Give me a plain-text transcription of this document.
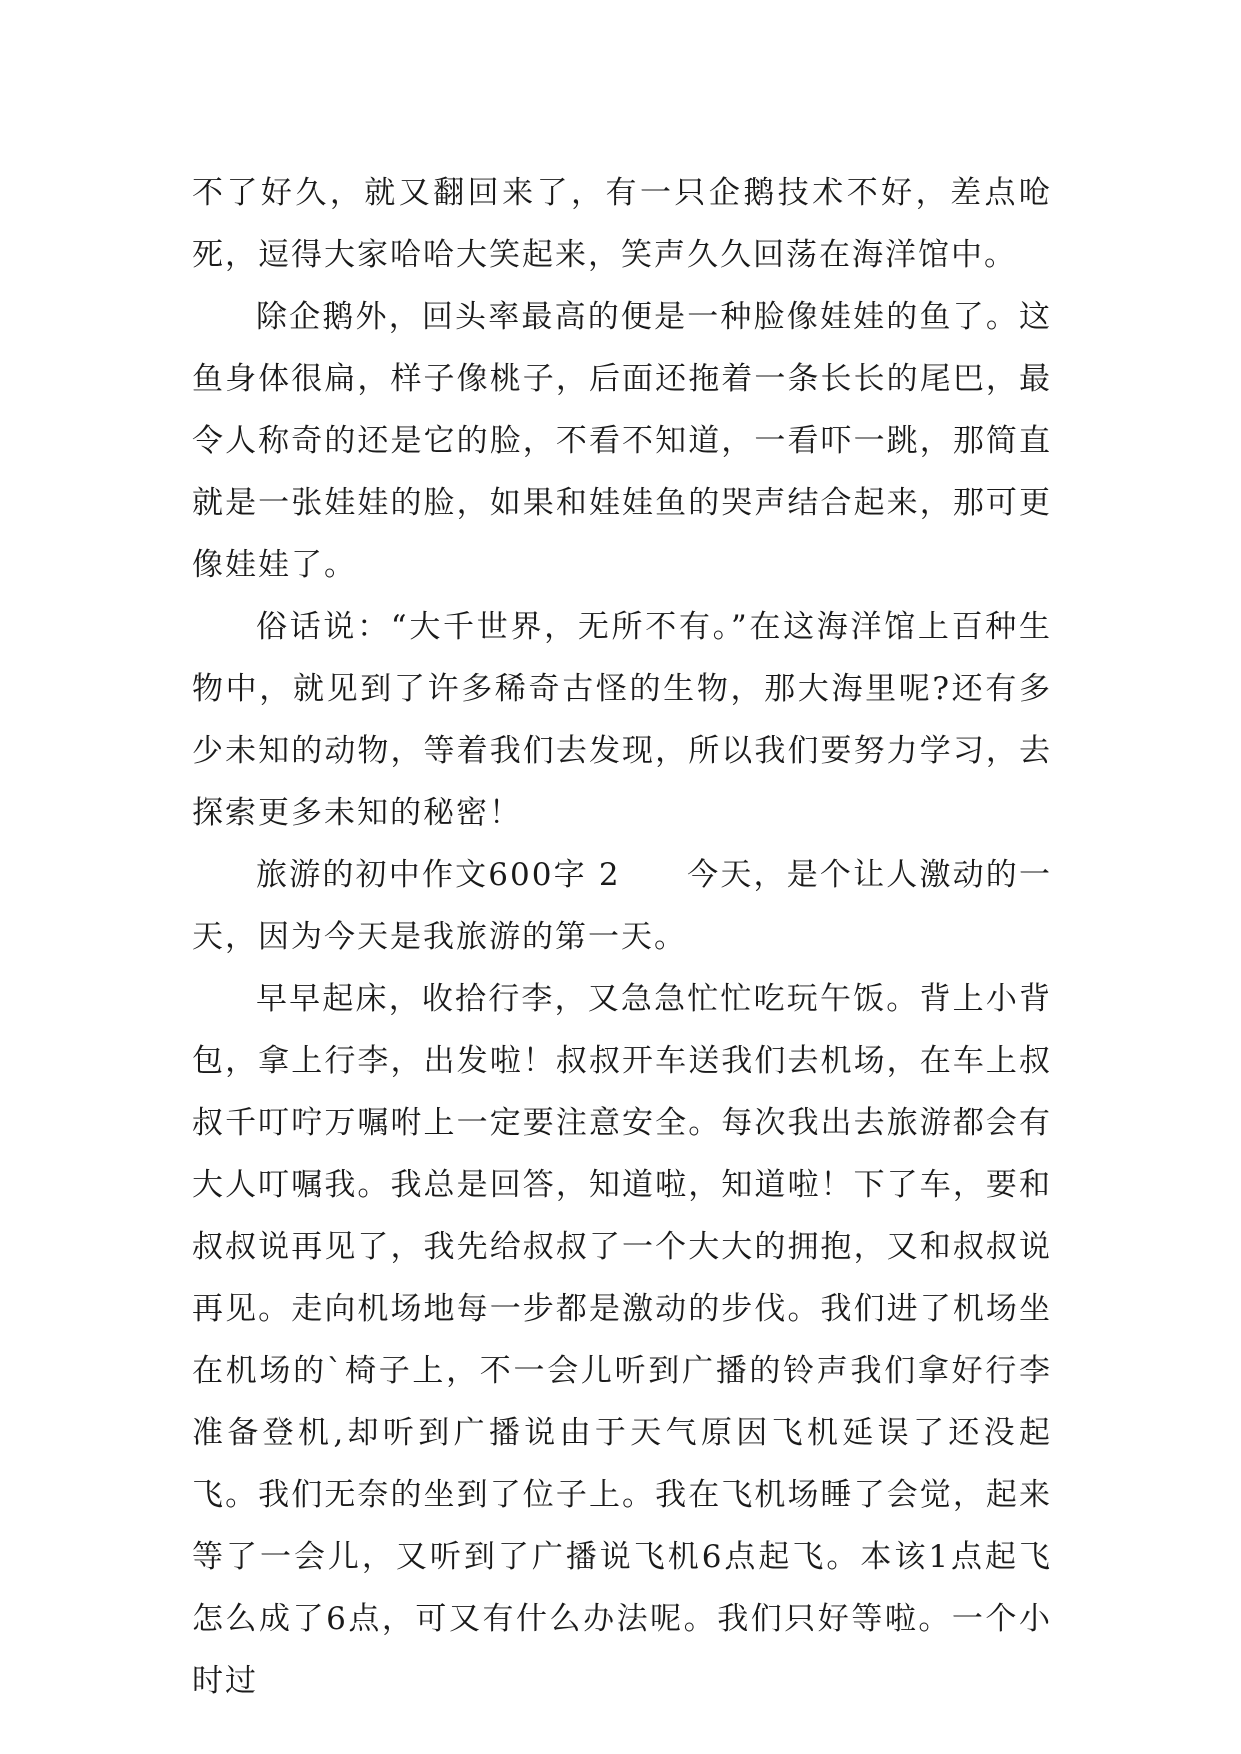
不了好久，就又翻回来了，有一只企鹅技术不好，差点呛死，逗得大家哈哈大笑起来，笑声久久回荡在海洋馆中。

除企鹅外，回头率最高的便是一种脸像娃娃的鱼了。这鱼身体很扁，样子像桃子，后面还拖着一条长长的尾巴，最令人称奇的还是它的脸，不看不知道，一看吓一跳，那简直就是一张娃娃的脸，如果和娃娃鱼的哭声结合起来，那可更像娃娃了。

俗话说：“大千世界，无所不有。”在这海洋馆上百种生物中，就见到了许多稀奇古怪的生物，那大海里呢?还有多少未知的动物，等着我们去发现，所以我们要努力学习，去探索更多未知的秘密！

旅游的初中作文600字 2　　今天，是个让人激动的一天，因为今天是我旅游的第一天。

早早起床，收拾行李，又急急忙忙吃玩午饭。背上小背包，拿上行李，出发啦！叔叔开车送我们去机场，在车上叔叔千叮咛万嘱咐上一定要注意安全。每次我出去旅游都会有大人叮嘱我。我总是回答，知道啦，知道啦！下了车，要和叔叔说再见了，我先给叔叔了一个大大的拥抱，又和叔叔说再见。走向机场地每一步都是激动的步伐。我们进了机场坐在机场的`椅子上，不一会儿听到广播的铃声我们拿好行李准备登机,却听到广播说由于天气原因飞机延误了还没起飞。我们无奈的坐到了位子上。我在飞机场睡了会觉，起来等了一会儿，又听到了广播说飞机6点起飞。本该1点起飞怎么成了6点，可又有什么办法呢。我们只好等啦。一个小时过
